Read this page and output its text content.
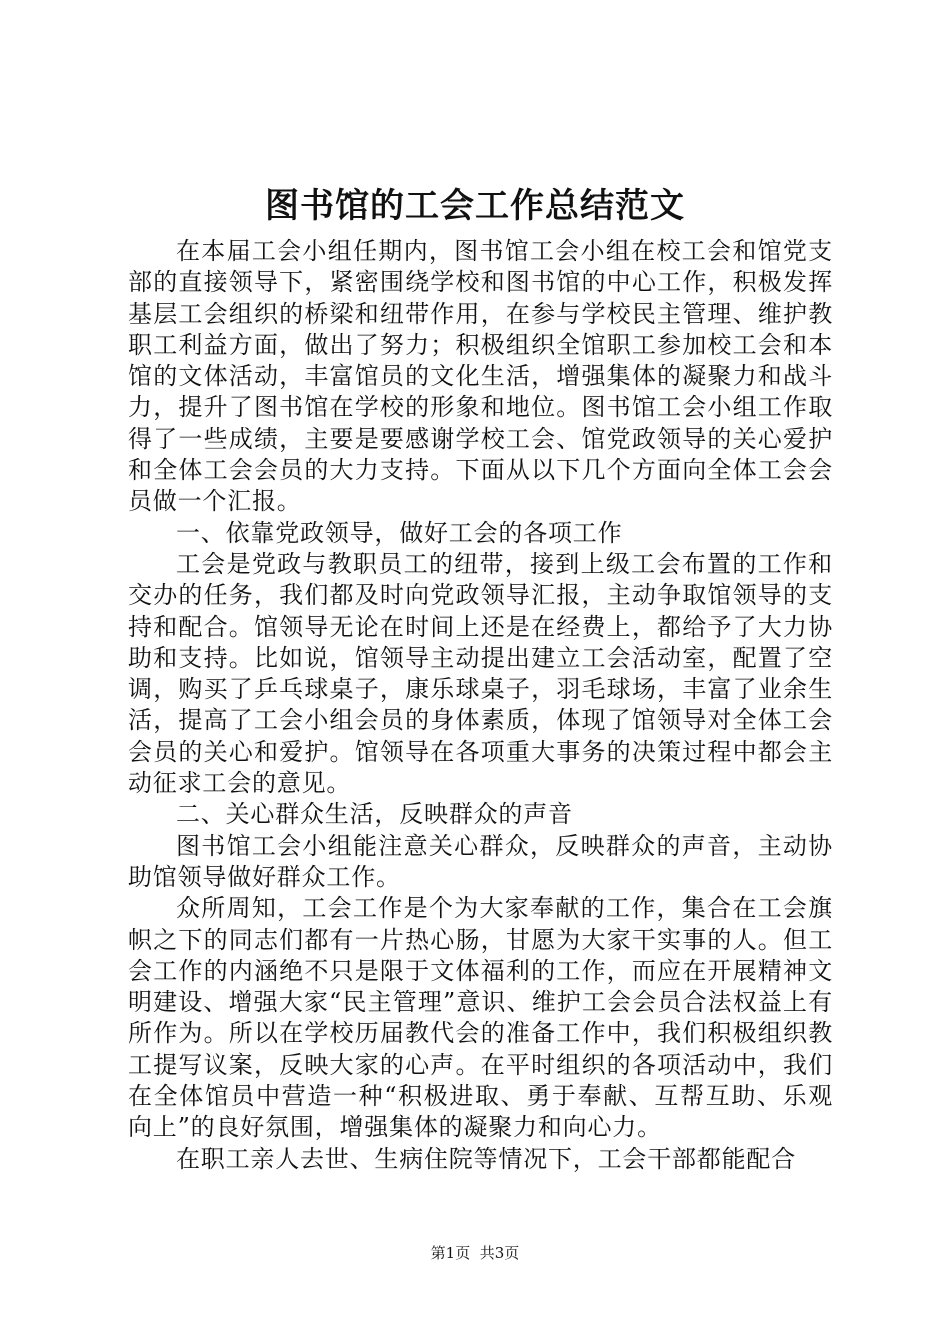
图书馆的工会工作总结范文

在本届工会小组任期内，图书馆工会小组在校工会和馆党支部的直接领导下，紧密围绕学校和图书馆的中心工作，积极发挥基层工会组织的桥梁和纽带作用，在参与学校民主管理、维护教职工利益方面，做出了努力；积极组织全馆职工参加校工会和本馆的文体活动，丰富馆员的文化生活，增强集体的凝聚力和战斗力，提升了图书馆在学校的形象和地位。图书馆工会小组工作取得了一些成绩，主要是要感谢学校工会、馆党政领导的关心爱护和全体工会会员的大力支持。下面从以下几个方面向全体工会会员做一个汇报。

一、依靠党政领导，做好工会的各项工作

工会是党政与教职员工的纽带，接到上级工会布置的工作和交办的任务，我们都及时向党政领导汇报，主动争取馆领导的支持和配合。馆领导无论在时间上还是在经费上，都给予了大力协助和支持。比如说，馆领导主动提出建立工会活动室，配置了空调，购买了乒乓球桌子，康乐球桌子，羽毛球场，丰富了业余生活，提高了工会小组会员的身体素质，体现了馆领导对全体工会会员的关心和爱护。馆领导在各项重大事务的决策过程中都会主动征求工会的意见。

二、关心群众生活，反映群众的声音

图书馆工会小组能注意关心群众，反映群众的声音，主动协助馆领导做好群众工作。

众所周知，工会工作是个为大家奉献的工作，集合在工会旗帜之下的同志们都有一片热心肠，甘愿为大家干实事的人。但工会工作的内涵绝不只是限于文体福利的工作，而应在开展精神文明建设、增强大家“民主管理”意识、维护工会会员合法权益上有所作为。所以在学校历届教代会的准备工作中，我们积极组织教工提写议案，反映大家的心声。在平时组织的各项活动中，我们在全体馆员中营造一种“积极进取、勇于奉献、互帮互助、乐观向上”的良好氛围，增强集体的凝聚力和向心力。

在职工亲人去世、生病住院等情况下，工会干部都能配合

第1页 共3页
